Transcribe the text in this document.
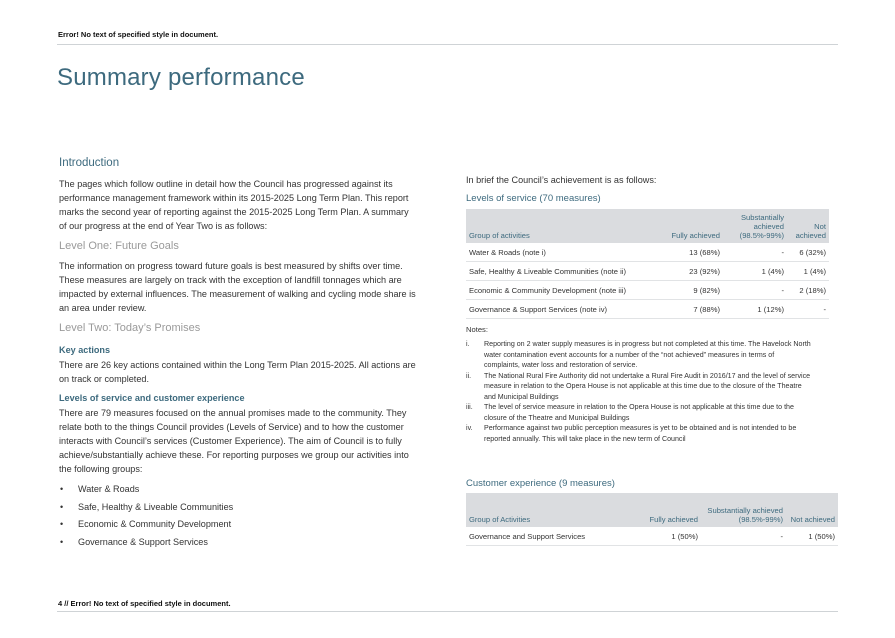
Error! No text of specified style in document.
Summary performance
Introduction
The pages which follow outline in detail how the Council has progressed against its
performance management framework within its 2015-2025 Long Term Plan. This report
marks the second year of reporting against the 2015-2025 Long Term Plan. A summary
of our progress at the end of Year Two is as follows:
Level One: Future Goals
The information on progress toward future goals is best measured by shifts over time.
These measures are largely on track with the exception of landfill tonnages which are
impacted by external influences. The measurement of walking and cycling mode share is
an area under review.
Level Two: Today’s Promises
Key actions
There are 26 key actions contained within the Long Term Plan 2015-2025. All actions are
on track or completed.
Levels of service and customer experience
There are 79 measures focused on the annual promises made to the community. They
relate both to the things Council provides (Levels of Service) and to how the customer
interacts with Council’s services (Customer Experience). The aim of Council is to fully
achieve/substantially achieve these. For reporting purposes we group our activities into
the following groups:
• Water & Roads
• Safe, Healthy & Liveable Communities
• Economic & Community Development
• Governance & Support Services
In brief the Council’s achievement is as follows:
Levels of service (70 measures)
Group of activities	Fully achieved	Substantially achieved (98.5%-99%)	Not achieved
Water & Roads (note i)	13 (68%)	-	6 (32%)
Safe, Healthy & Liveable Communities (note ii)	23 (92%)	1 (4%)	1 (4%)
Economic & Community Development (note iii)	9 (82%)	-	2 (18%)
Governance & Support Services (note iv)	7 (88%)	1 (12%)	-
Notes:
i. Reporting on 2 water supply measures is in progress but not completed at this time. The Havelock North
water contamination event accounts for a number of the “not achieved” measures in terms of
complaints, water loss and restoration of service.
ii. The National Rural Fire Authority did not undertake a Rural Fire Audit in 2016/17 and the level of service
measure in relation to the Opera House is not applicable at this time due to the closure of the Theatre
and Municipal Buildings
iii. The level of service measure in relation to the Opera House is not applicable at this time due to the
closure of the Theatre and Municipal Buildings
iv. Performance against two public perception measures is yet to be obtained and is not intended to be
reported annually. This will take place in the new term of Council
Customer experience (9 measures)
Group of Activities	Fully achieved	Substantially achieved (98.5%-99%)	Not achieved
Governance and Support Services	1 (50%)	-	1 (50%)
4 // Error! No text of specified style in document.
